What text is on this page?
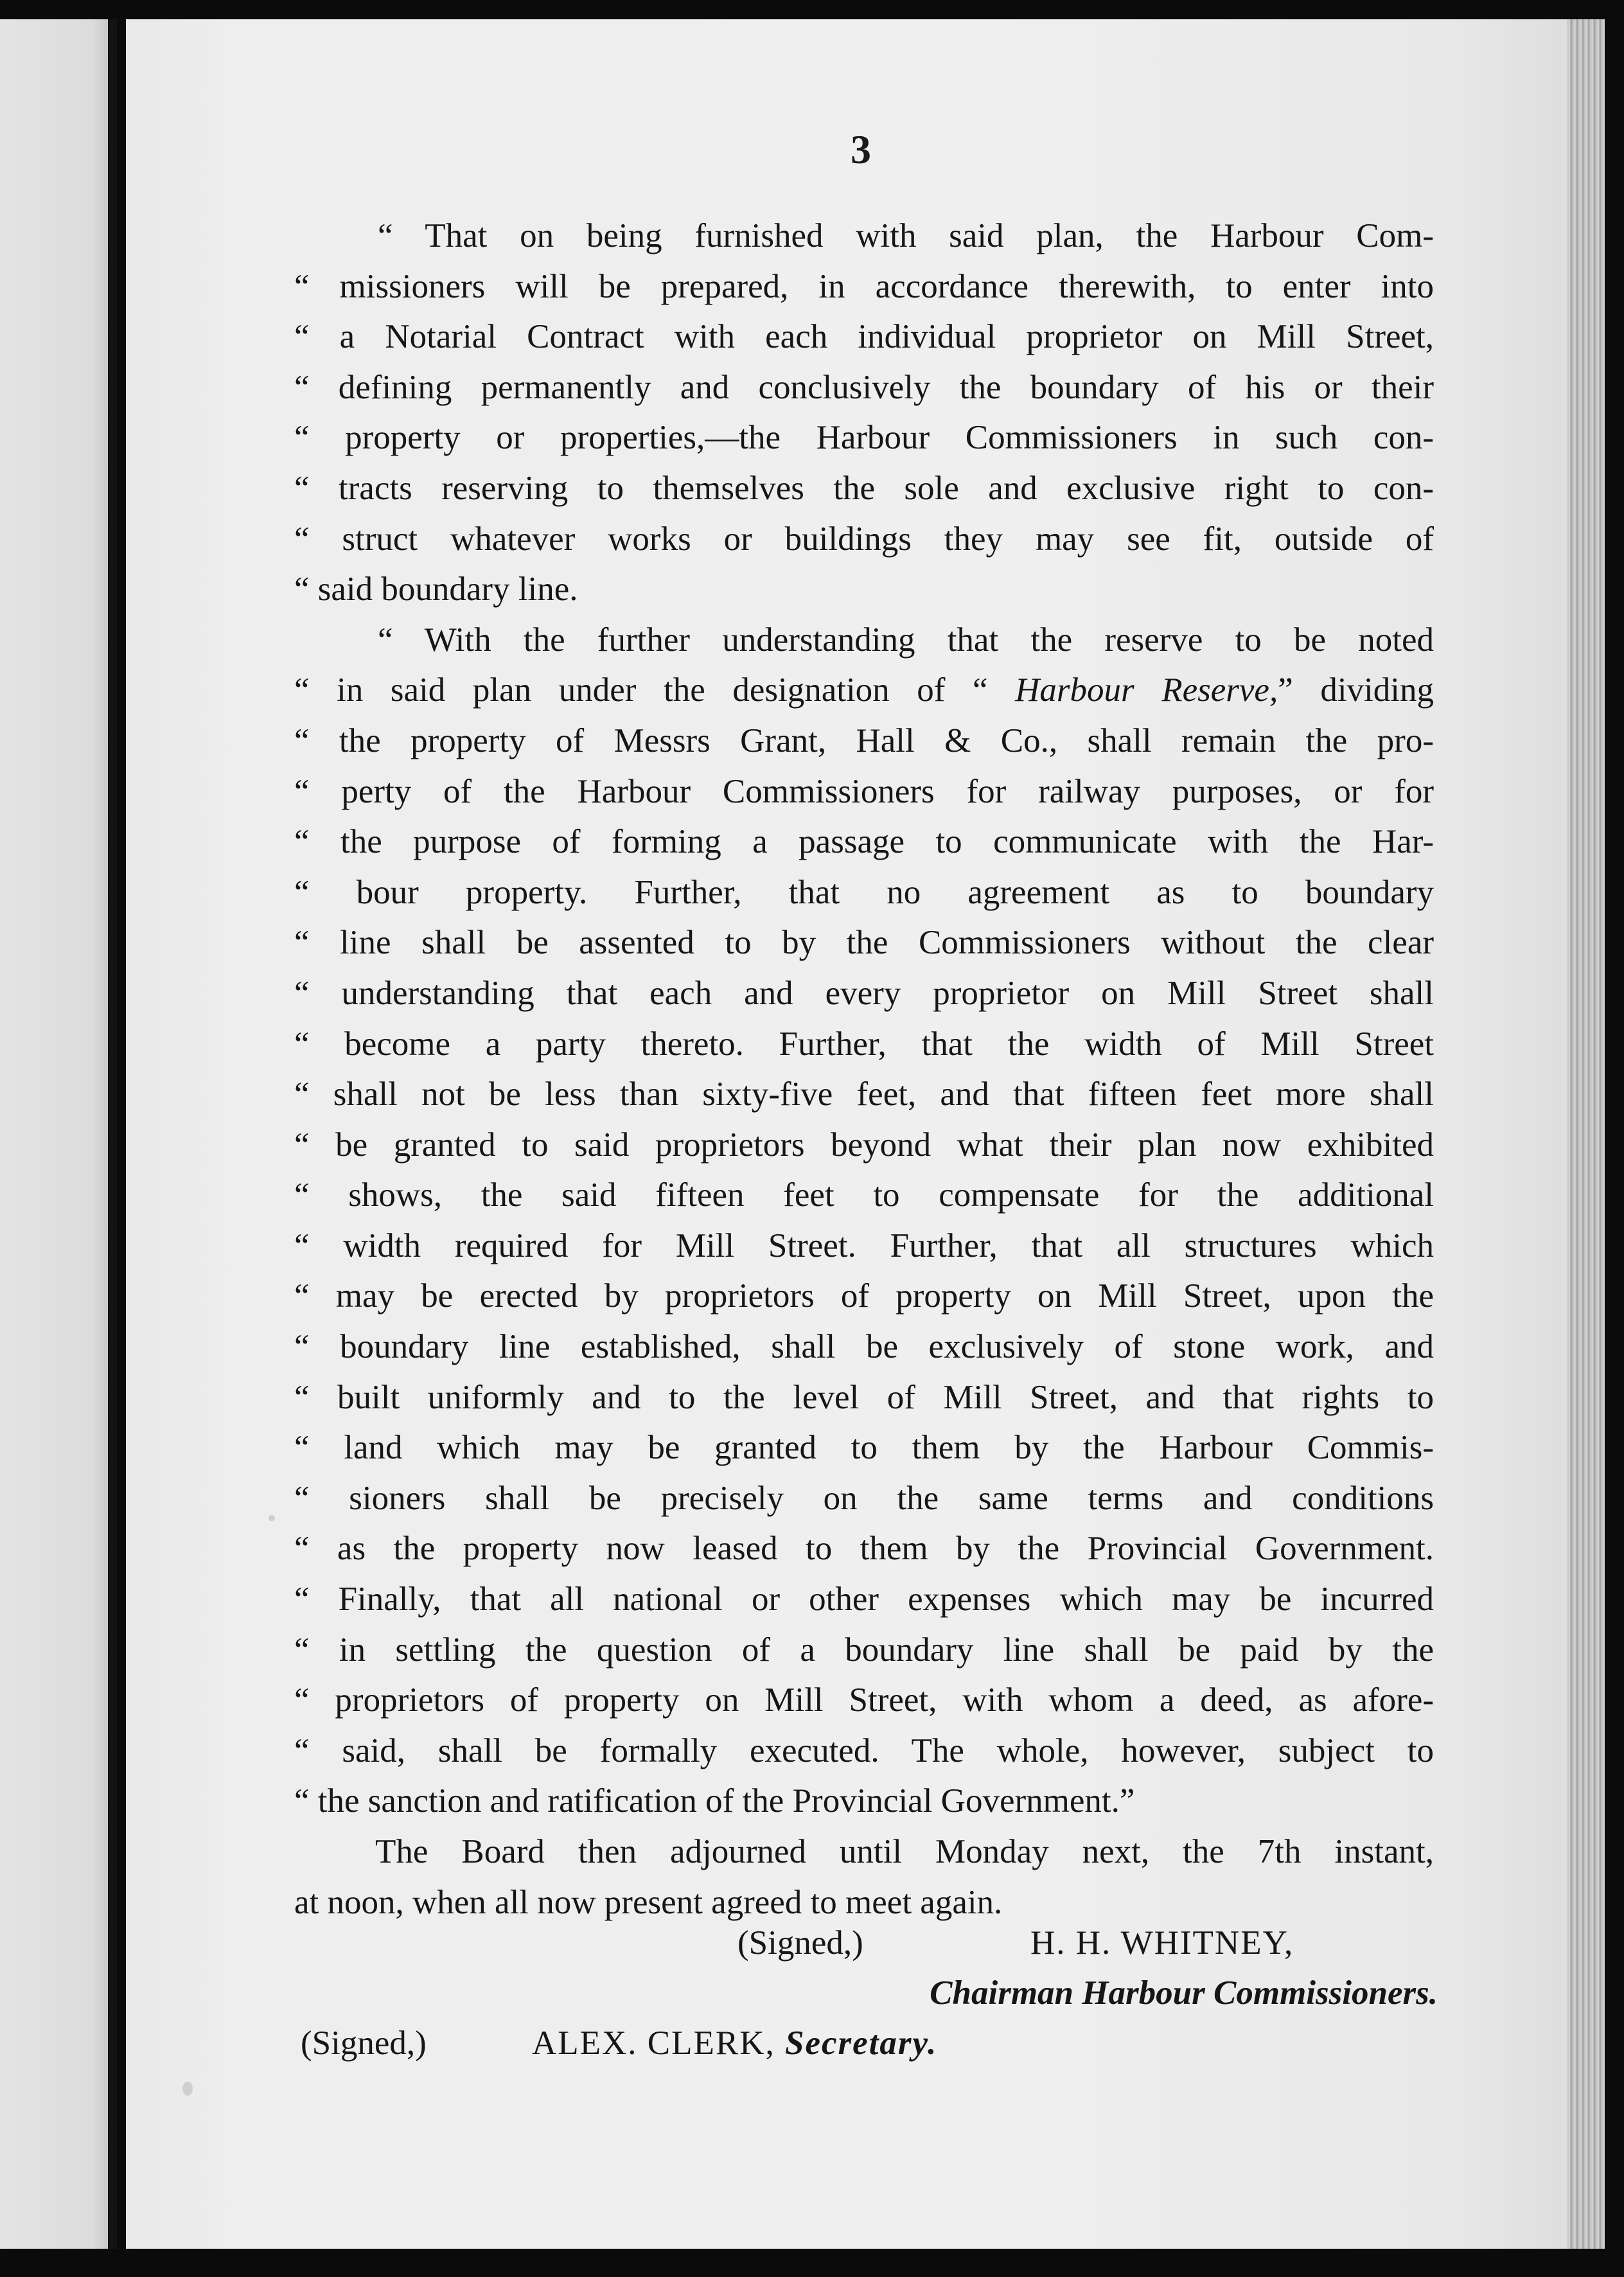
3
“ That on being furnished with said plan, the Harbour Com-
“ missioners will be prepared, in accordance therewith, to enter into
“ a Notarial Contract with each individual proprietor on Mill Street,
“ defining permanently and conclusively the boundary of his or their
“ property or properties,—the Harbour Commissioners in such con-
“ tracts reserving to themselves the sole and exclusive right to con-
“ struct whatever works or buildings they may see fit, outside of
“ said boundary line.
“ With the further understanding that the reserve to be noted
“ in said plan under the designation of “ Harbour Reserve,” dividing
“ the property of Messrs Grant, Hall & Co., shall remain the pro-
“ perty of the Harbour Commissioners for railway purposes, or for
“ the purpose of forming a passage to communicate with the Har-
“ bour property. Further, that no agreement as to boundary
“ line shall be assented to by the Commissioners without the clear
“ understanding that each and every proprietor on Mill Street shall
“ become a party thereto. Further, that the width of Mill Street
“ shall not be less than sixty-five feet, and that fifteen feet more shall
“ be granted to said proprietors beyond what their plan now exhibited
“ shows, the said fifteen feet to compensate for the additional
“ width required for Mill Street. Further, that all structures which
“ may be erected by proprietors of property on Mill Street, upon the
“ boundary line established, shall be exclusively of stone work, and
“ built uniformly and to the level of Mill Street, and that rights to
“ land which may be granted to them by the Harbour Commis-
“ sioners shall be precisely on the same terms and conditions
“ as the property now leased to them by the Provincial Government.
“ Finally, that all national or other expenses which may be incurred
“ in settling the question of a boundary line shall be paid by the
“ proprietors of property on Mill Street, with whom a deed, as afore-
“ said, shall be formally executed. The whole, however, subject to
“ the sanction and ratification of the Provincial Government.”
The Board then adjourned until Monday next, the 7th instant,
at noon, when all now present agreed to meet again.
(Signed,)	H. H. WHITNEY,
Chairman Harbour Commissioners.
(Signed,)	ALEX. CLERK, Secretary.
